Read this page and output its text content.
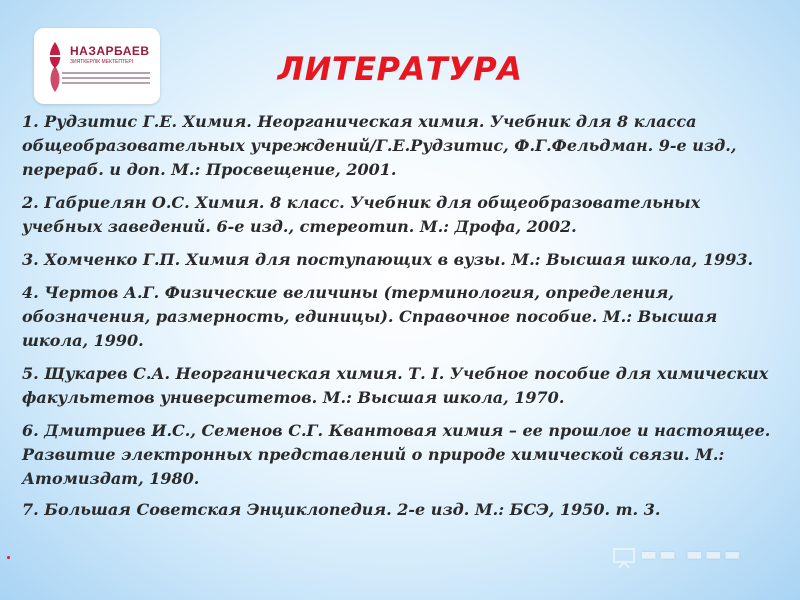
НАЗАРБАЕВ
ЗИЯТКЕРЛІК МЕКТЕПТЕРІ	ЛИТЕРАТУРА
1. Рудзитис Г.Е. Химия. Неорганическая химия. Учебник для 8 класса общеобразовательных учреждений/Г.Е.Рудзитис, Ф.Г.Фельдман. 9-е изд., перераб. и доп. М.: Просвещение, 2001.
2. Габриелян О.С. Химия. 8 класс. Учебник для общеобразовательных учебных заведений. 6-е изд., стереотип. М.: Дрофа, 2002.
3. Хомченко Г.П. Химия для поступающих в вузы. М.: Высшая школа, 1993.
4. Чертов А.Г. Физические величины (терминология, определения, обозначения, размерность, единицы). Справочное пособие. М.: Высшая школа, 1990.
5. Щукарев С.А. Неорганическая химия. Т. I. Учебное пособие для химических факультетов университетов. М.: Высшая школа, 1970.
6. Дмитриев И.С., Семенов С.Г. Квантовая химия – ее прошлое и настоящее. Развитие электронных представлений о природе химической связи. М.: Атомиздат, 1980.
7. Большая Советская Энциклопедия. 2-е изд. М.: БСЭ, 1950. т. 3.
▬▬ ▬▬▬
